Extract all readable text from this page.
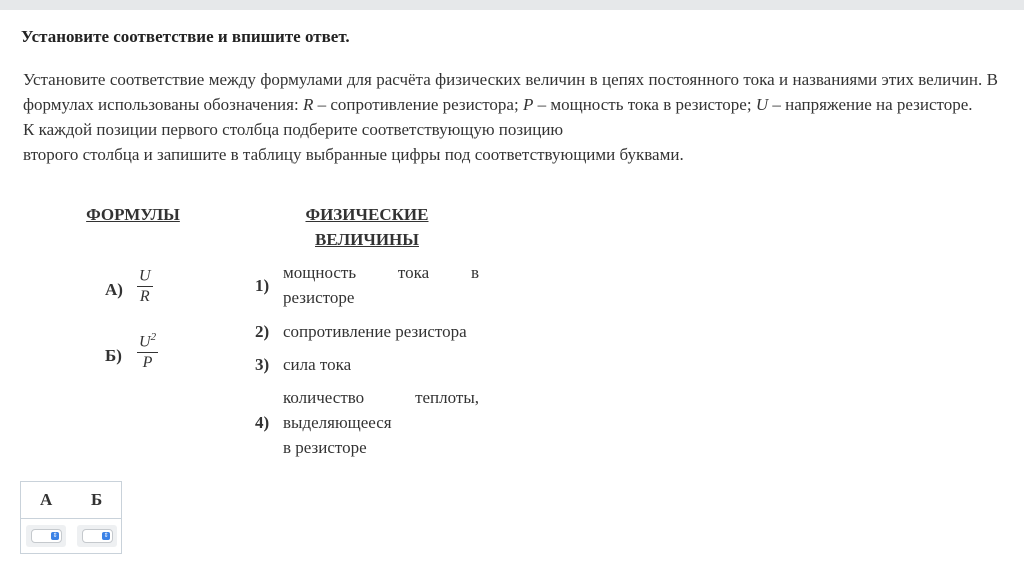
Установите соответствие и впишите ответ.

Установите соответствие между формулами для расчёта физических величин в цепях постоянного тока и названиями этих величин. В формулах использованы обозначения: R – сопротивление резистора; P – мощность тока в резисторе; U – напряжение на резисторе.

К каждой позиции первого столбца подберите соответствующую позицию

второго столбца и запишите в таблицу выбранные цифры под соответствующими буквами.

ФОРМУЛЫ	ФИЗИЧЕСКИЕ
ВЕЛИЧИНЫ
А)
U
R
Б)
$U^2$
P
1)
мощность тока в
резисторе
2) сопротивление резистора
3) сила тока
4)
количество теплоты,
выделяющееся
в резисторе
А Б
⇕	⇕
